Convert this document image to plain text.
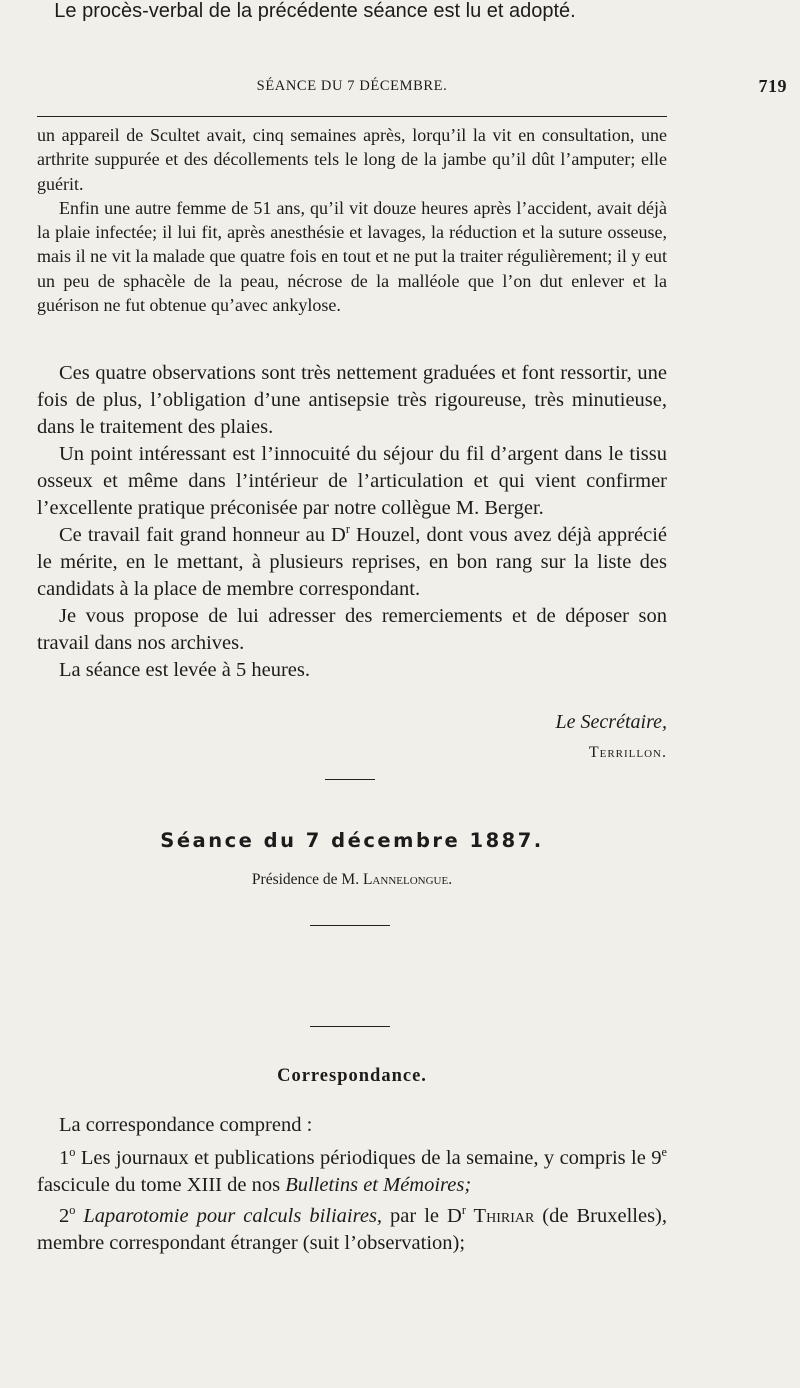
SÉANCE DU 7 DÉCEMBRE.	719

un appareil de Scultet avait, cinq semaines après, lorqu’il la vit en consultation, une arthrite suppurée et des décollements tels le long de la jambe qu’il dût l’amputer; elle guérit.

Enfin une autre femme de 51 ans, qu’il vit douze heures après l’accident, avait déjà la plaie infectée; il lui fit, après anesthésie et lavages, la réduction et la suture osseuse, mais il ne vit la malade que quatre fois en tout et ne put la traiter régulièrement; il y eut un peu de sphacèle de la peau, nécrose de la malléole que l’on dut enlever et la guérison ne fut obtenue qu’avec ankylose.

Ces quatre observations sont très nettement graduées et font ressortir, une fois de plus, l’obligation d’une antisepsie très rigoureuse, très minutieuse, dans le traitement des plaies.

Un point intéressant est l’innocuité du séjour du fil d’argent dans le tissu osseux et même dans l’intérieur de l’articulation et qui vient confirmer l’excellente pratique préconisée par notre collègue M. Berger.

Ce travail fait grand honneur au $D^r$ Houzel, dont vous avez déjà apprécié le mérite, en le mettant, à plusieurs reprises, en bon rang sur la liste des candidats à la place de membre correspondant.

Je vous propose de lui adresser des remerciements et de déposer son travail dans nos archives.

La séance est levée à 5 heures.

Le Secrétaire,
Terrillon.
Séance du 7 décembre 1887.
Présidence de M. Lannelongue.
Le procès-verbal de la précédente séance est lu et adopté.
Correspondance.

La correspondance comprend :

1$^o$ Les journaux et publications périodiques de la semaine, y compris le 9e fascicule du tome XIII de nos Bulletins et Mémoires;

2$^o$ Laparotomie pour calculs biliaires, par le $D^r$ Thiriar (de Bruxelles), membre correspondant étranger (suit l’observation);
